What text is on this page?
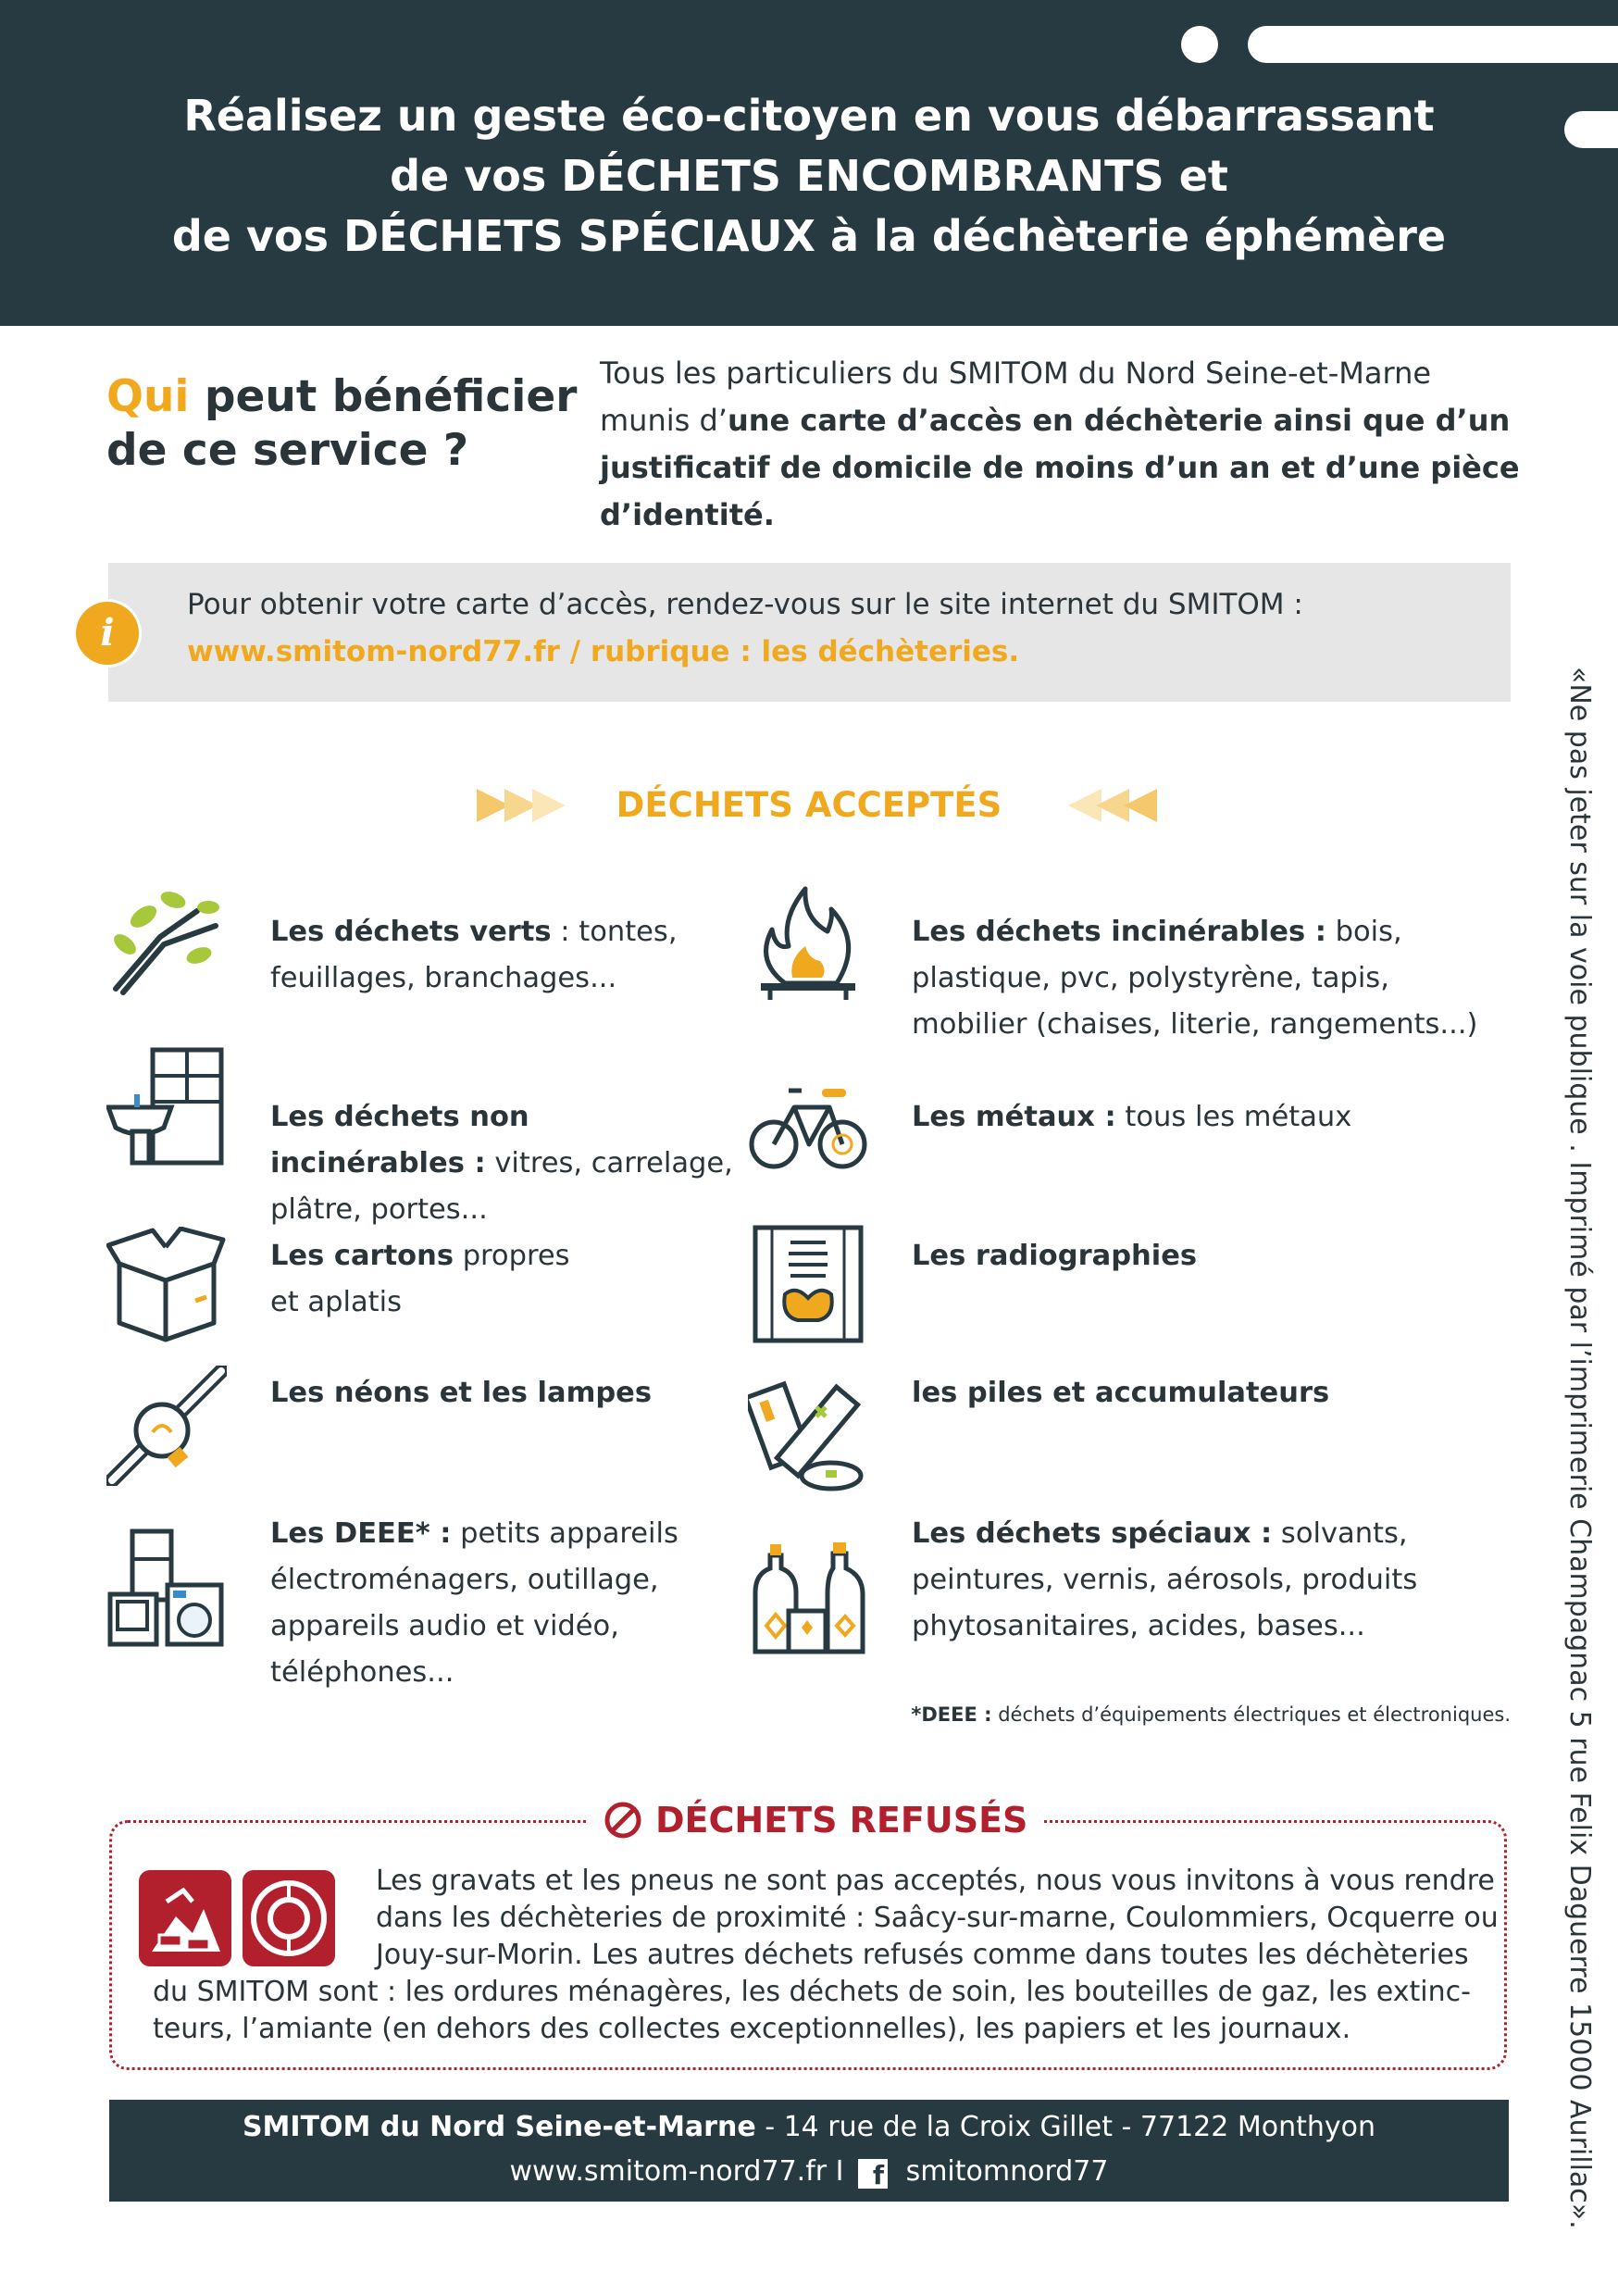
Réalisez un geste éco-citoyen en vous débarrassant
de vos DÉCHETS ENCOMBRANTS et
de vos DÉCHETS SPÉCIAUX à la déchèterie éphémère
Qui peut bénéficier
de ce service ?
Tous les particuliers du SMITOM du Nord Seine-et-Marne munis d’une carte d’accès en déchèterie ainsi que d’un justificatif de domicile de moins d’un an et d’une pièce d’identité.
i
Pour obtenir votre carte d’accès, rendez-vous sur le site internet du SMITOM :
www.smitom-nord77.fr / rubrique : les déchèteries.
DÉCHETS ACCEPTÉS
Les déchets verts : tontes, feuillages, branchages...
Les déchets non incinérables : vitres, carrelage, plâtre, portes...
Les cartons propres et aplatis
Les néons et les lampes
Les DEEE* : petits appareils électroménagers, outillage, appareils audio et vidéo, téléphones...
Les déchets incinérables : bois, plastique, pvc, polystyrène, tapis, mobilier (chaises, literie, rangements...)
Les métaux : tous les métaux
Les radiographies
les piles et accumulateurs
Les déchets spéciaux : solvants, peintures, vernis, aérosols, produits phytosanitaires, acides, bases...
*DEEE : déchets d’équipements électriques et électroniques.
DÉCHETS REFUSÉS
Les gravats et les pneus ne sont pas acceptés, nous vous invitons à vous rendre
dans les déchèteries de proximité : Saâcy-sur-marne, Coulommiers, Ocquerre ou
Jouy-sur-Morin. Les autres déchets refusés comme dans toutes les déchèteries
du SMITOM sont : les ordures ménagères, les déchets de soin, les bouteilles de gaz, les extinc-
teurs, l’amiante (en dehors des collectes exceptionnelles), les papiers et les journaux.
SMITOM du Nord Seine-et-Marne - 14 rue de la Croix Gillet - 77122 Monthyon
www.smitom-nord77.fr I f smitomnord77	«Ne pas jeter sur la voie publique . Imprimé par l’imprimerie Champagnac 5 rue Felix Daguerre 15000 Aurillac».
